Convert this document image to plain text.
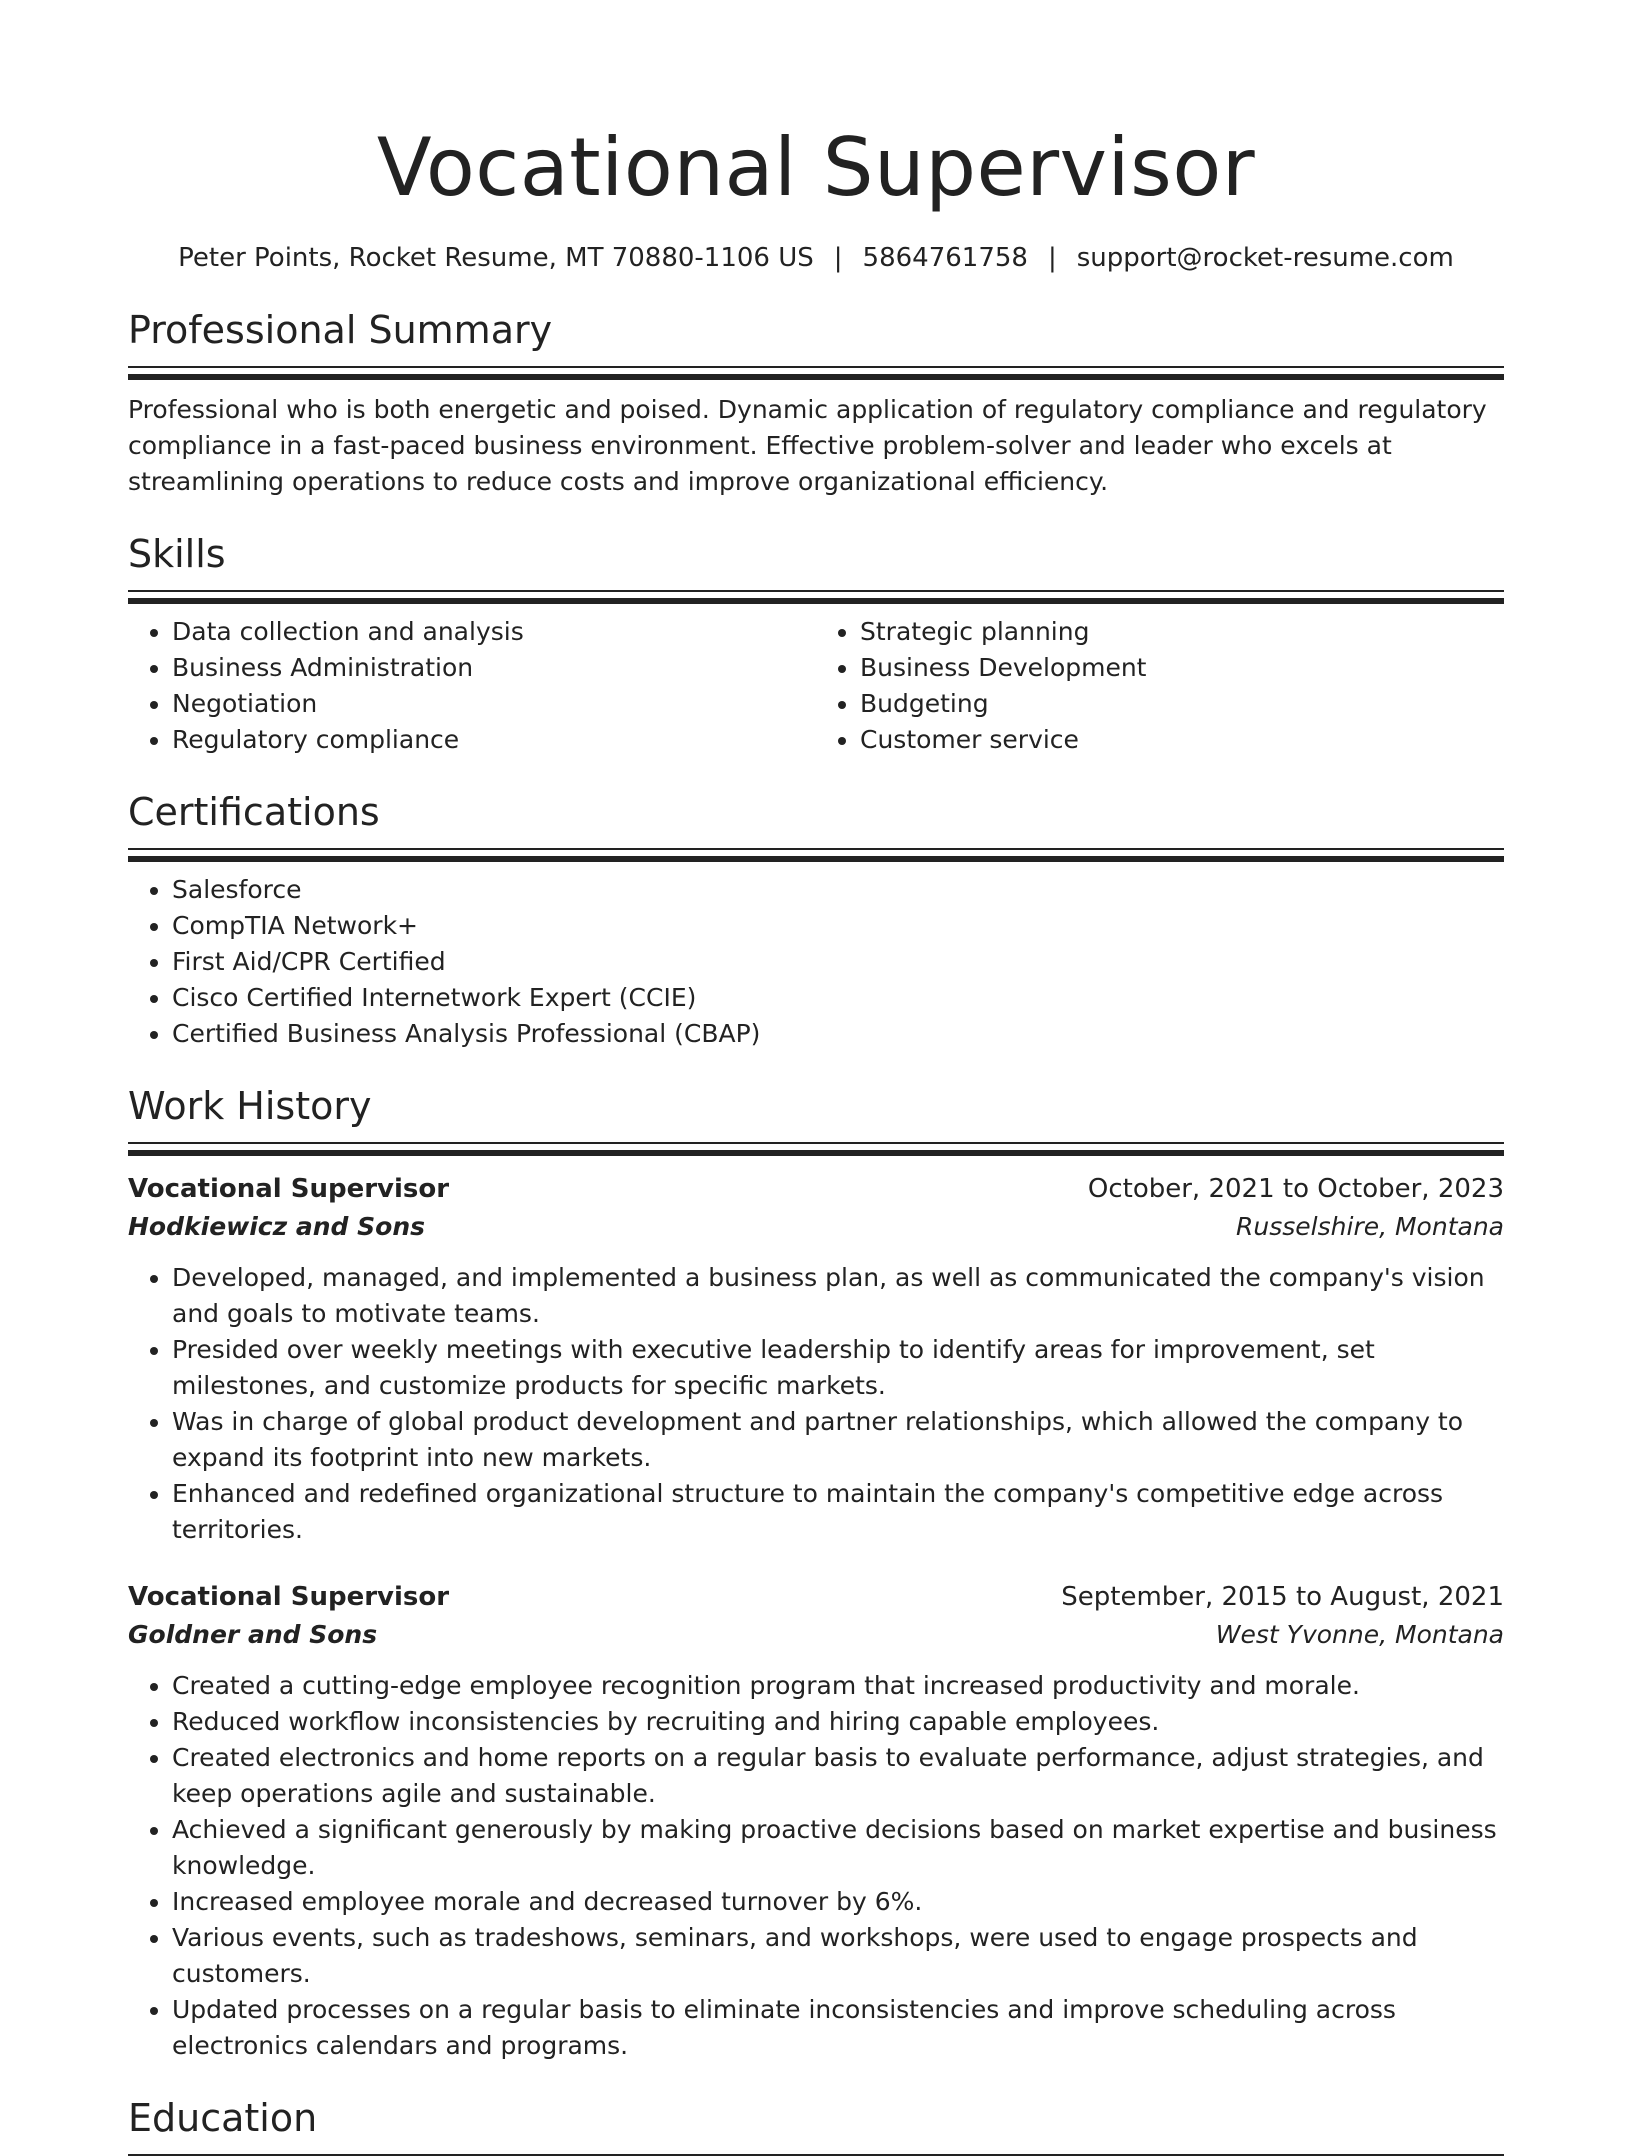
Vocational Supervisor
Peter Points, Rocket Resume, MT 70880-1106 US | 5864761758 | support@rocket-resume.com
Professional Summary
Professional who is both energetic and poised. Dynamic application of regulatory compliance and regulatory compliance in a fast-paced business environment. Effective problem-solver and leader who excels at streamlining operations to reduce costs and improve organizational efficiency.
Skills
• Data collection and analysis
• Business Administration
• Negotiation
• Regulatory compliance
• Strategic planning
• Business Development
• Budgeting
• Customer service
Certifications
• Salesforce
• CompTIA Network+
• First Aid/CPR Certified
• Cisco Certified Internetwork Expert (CCIE)
• Certified Business Analysis Professional (CBAP)
Work History
Vocational Supervisor	October, 2021 to October, 2023
Hodkiewicz and Sons	Russelshire, Montana
• Developed, managed, and implemented a business plan, as well as communicated the company's vision and goals to motivate teams.
• Presided over weekly meetings with executive leadership to identify areas for improvement, set milestones, and customize products for specific markets.
• Was in charge of global product development and partner relationships, which allowed the company to expand its footprint into new markets.
• Enhanced and redefined organizational structure to maintain the company's competitive edge across territories.
Vocational Supervisor	September, 2015 to August, 2021
Goldner and Sons	West Yvonne, Montana
• Created a cutting-edge employee recognition program that increased productivity and morale.
• Reduced workflow inconsistencies by recruiting and hiring capable employees.
• Created electronics and home reports on a regular basis to evaluate performance, adjust strategies, and keep operations agile and sustainable.
• Achieved a significant generously by making proactive decisions based on market expertise and business knowledge.
• Increased employee morale and decreased turnover by 6%.
• Various events, such as tradeshows, seminars, and workshops, were used to engage prospects and customers.
• Updated processes on a regular basis to eliminate inconsistencies and improve scheduling across electronics calendars and programs.
Education
